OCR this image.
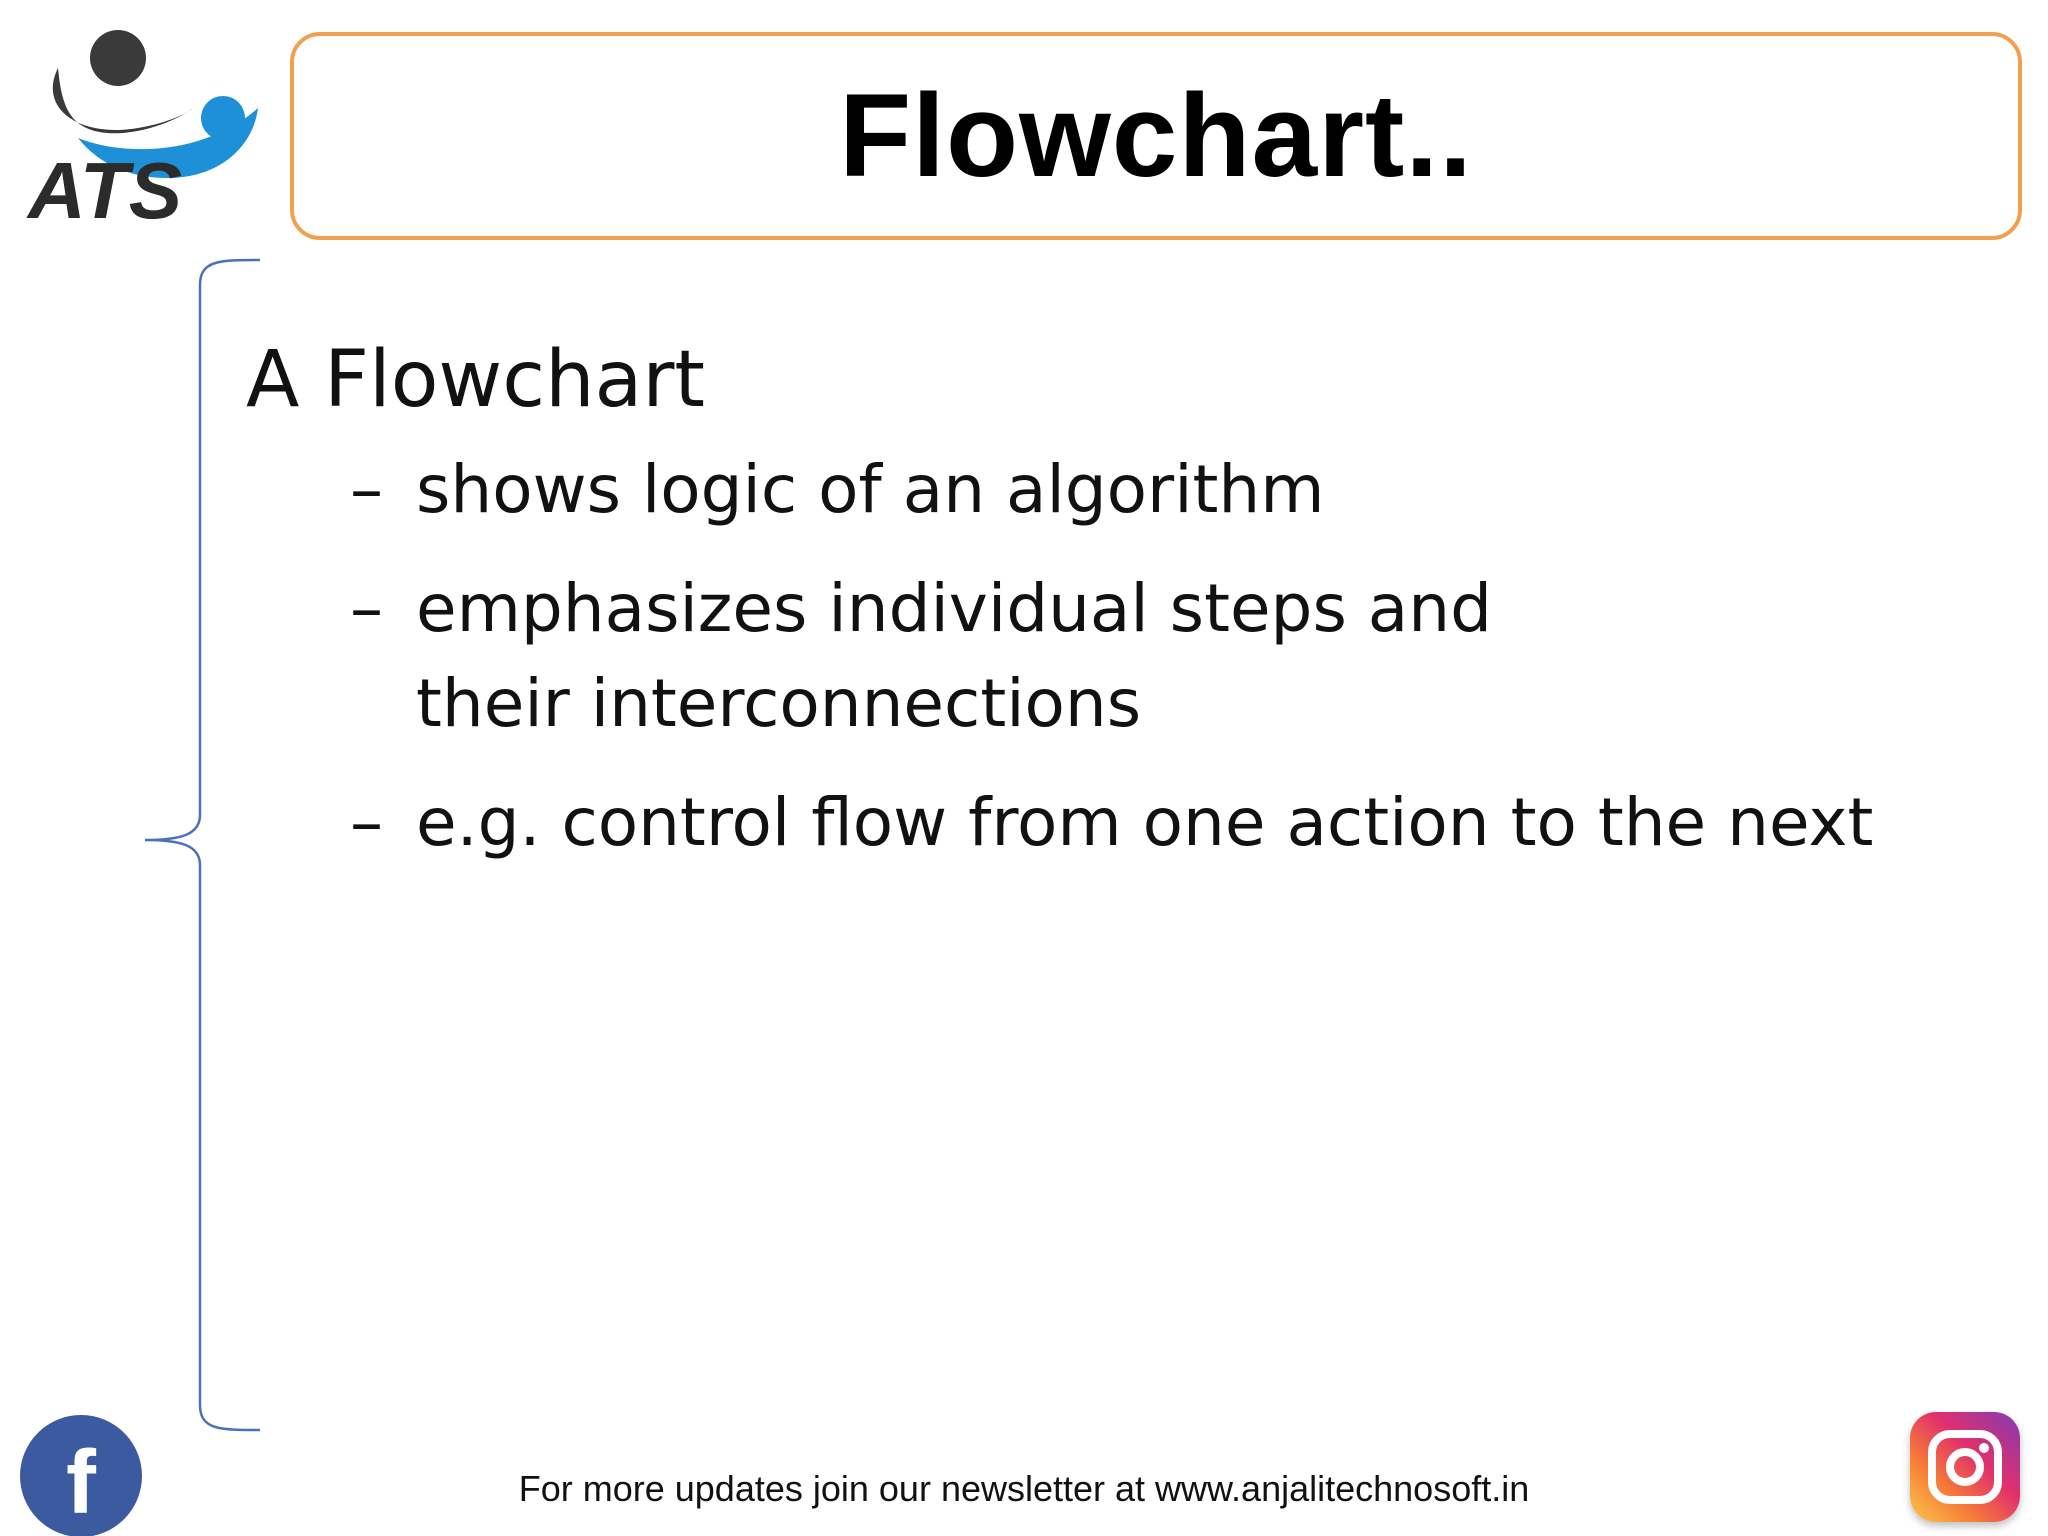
ATS	Flowchart..

A Flowchart

– shows logic of an algorithm
– emphasizes individual steps and their interconnections
– e.g. control flow from one action to the next
f	For more updates join our newsletter at www.anjalitechnosoft.in
